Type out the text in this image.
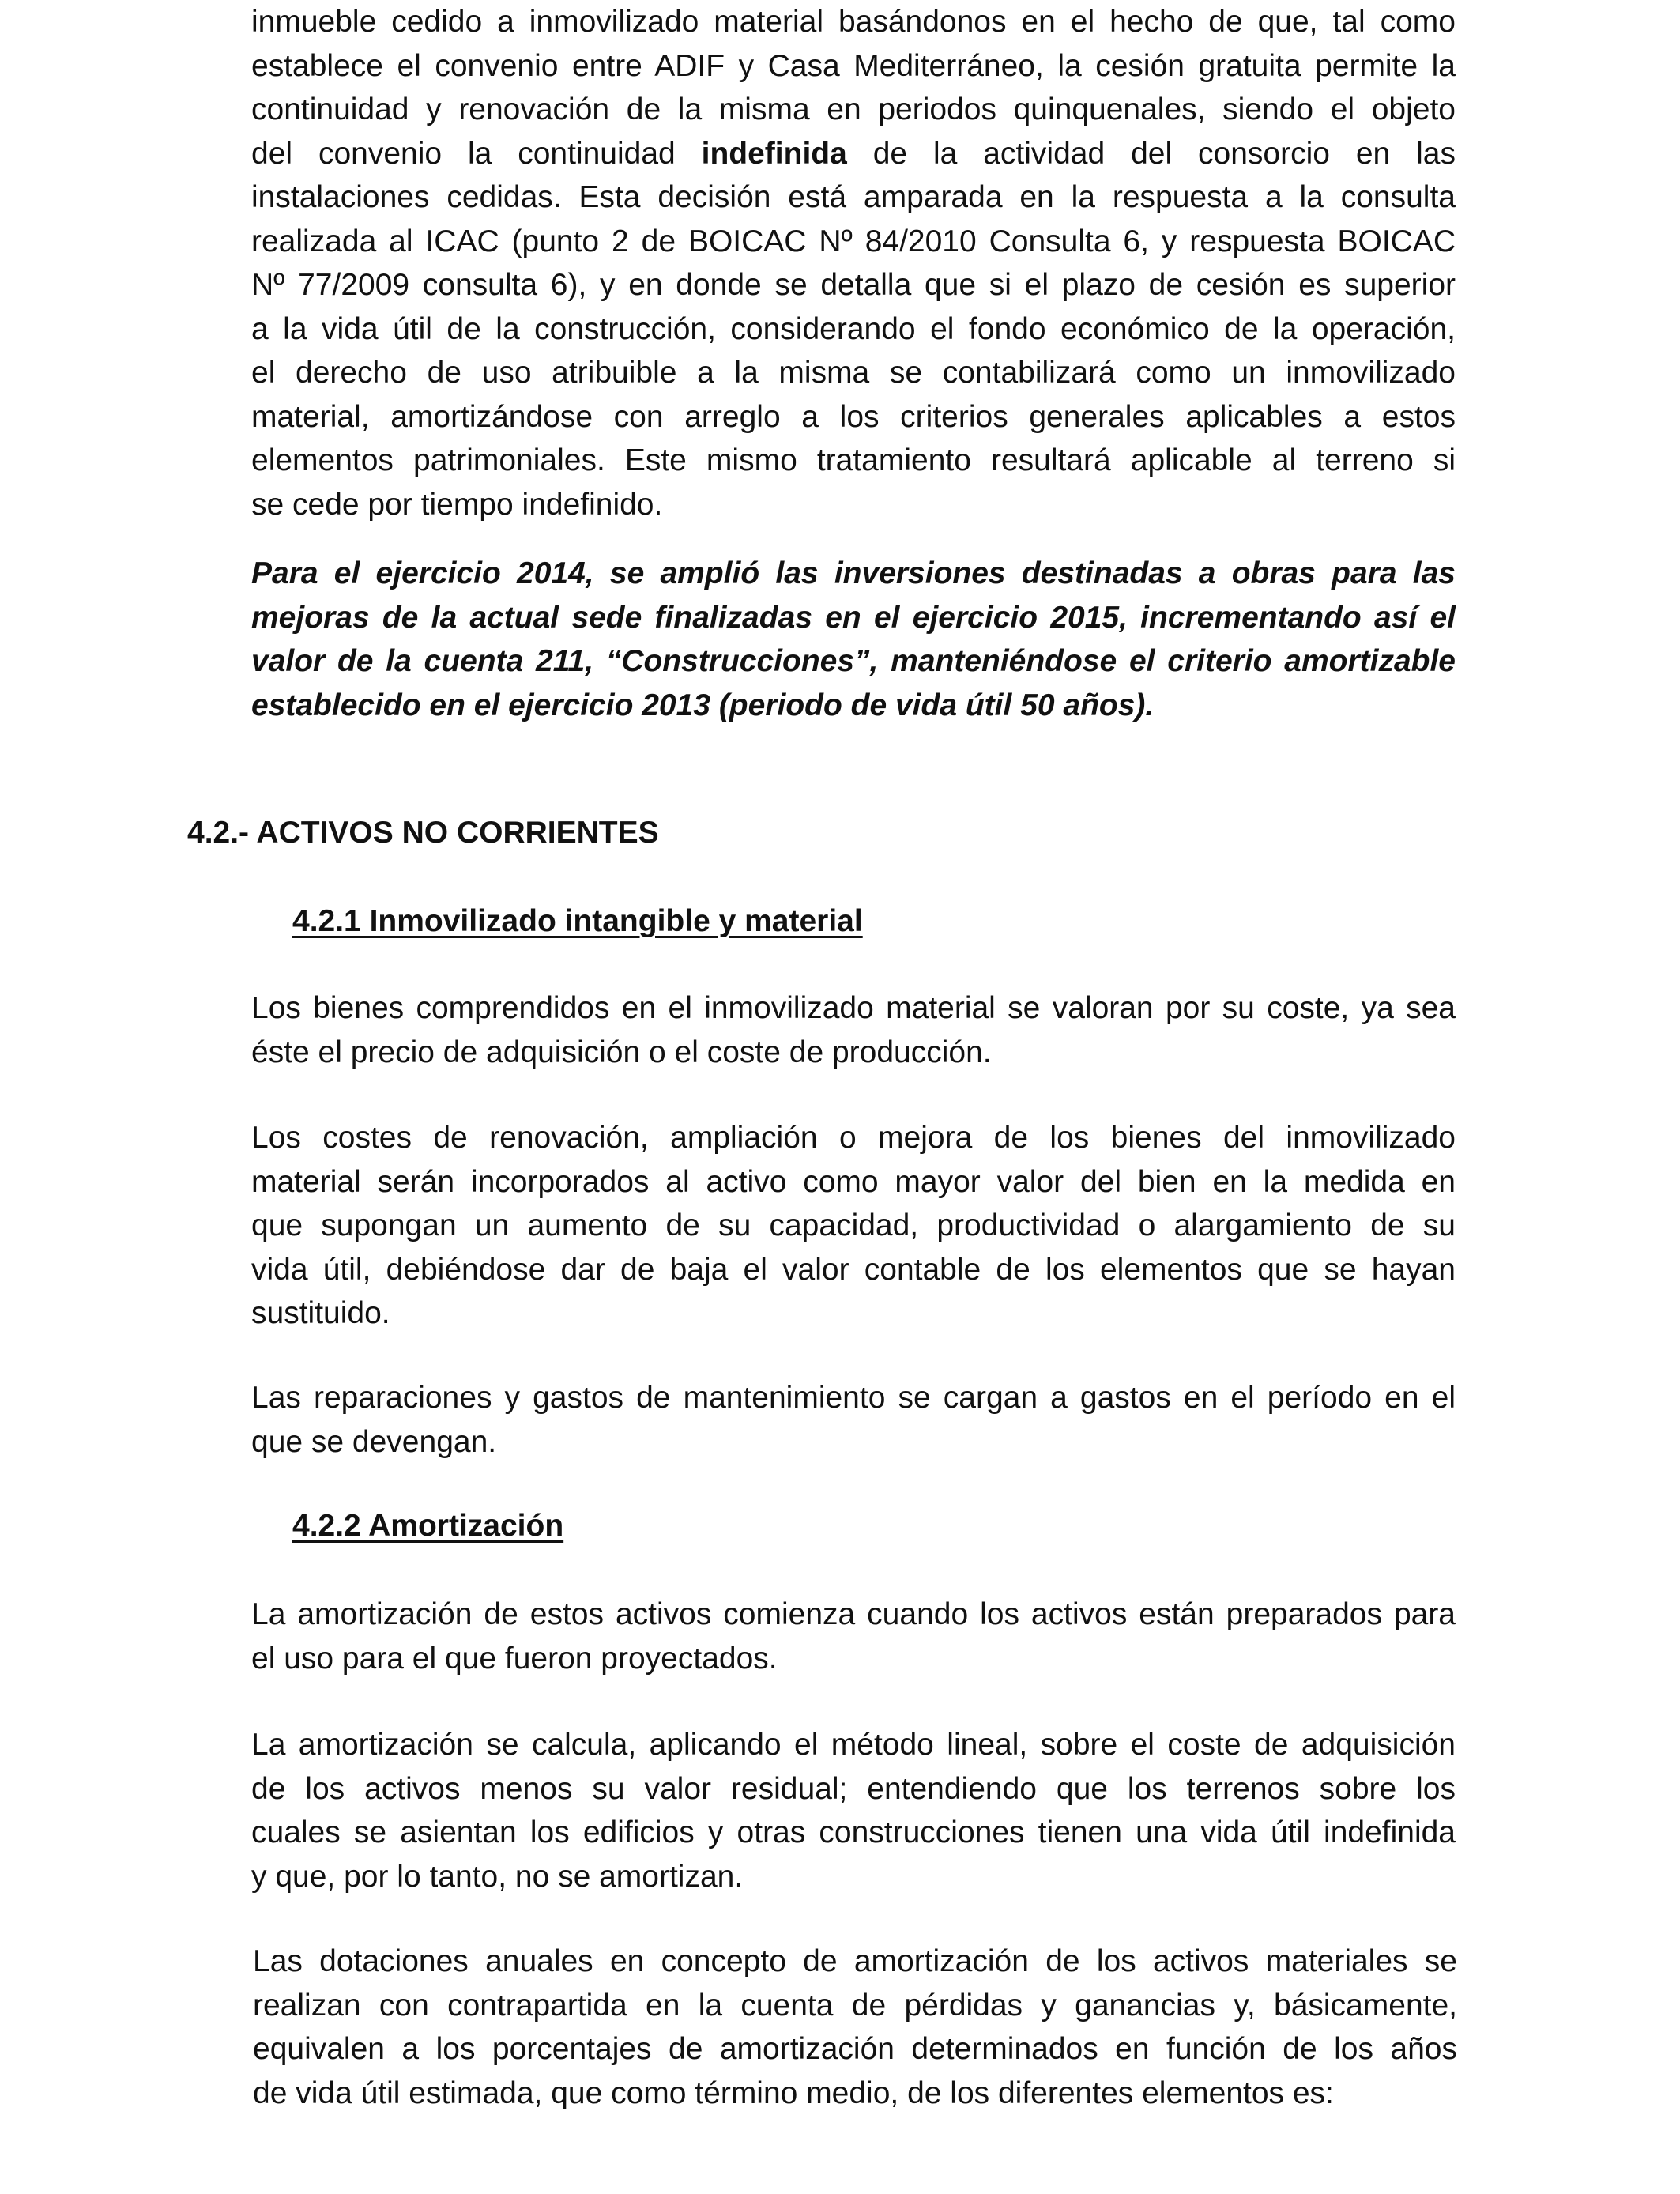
inmueble cedido a inmovilizado material basándonos en el hecho de que, tal como
establece el convenio entre ADIF y Casa Mediterráneo, la cesión gratuita permite la
continuidad y renovación de la misma en periodos quinquenales, siendo el objeto
del convenio la continuidad indefinida de la actividad del consorcio en las
instalaciones cedidas. Esta decisión está amparada en la respuesta a la consulta
realizada al ICAC (punto 2 de BOICAC Nº 84/2010 Consulta 6, y respuesta BOICAC
Nº 77/2009 consulta 6), y en donde se detalla que si el plazo de cesión es superior
a la vida útil de la construcción, considerando el fondo económico de la operación,
el derecho de uso atribuible a la misma se contabilizará como un inmovilizado
material, amortizándose con arreglo a los criterios generales aplicables a estos
elementos patrimoniales. Este mismo tratamiento resultará aplicable al terreno si
se cede por tiempo indefinido.
Para el ejercicio 2014, se amplió las inversiones destinadas a obras para las
mejoras de la actual sede finalizadas en el ejercicio 2015, incrementando así el
valor de la cuenta 211, “Construcciones”, manteniéndose el criterio amortizable
establecido en el ejercicio 2013 (periodo de vida útil 50 años).
4.2.- ACTIVOS NO CORRIENTES
4.2.1 Inmovilizado intangible y material
Los bienes comprendidos en el inmovilizado material se valoran por su coste, ya sea
éste el precio de adquisición o el coste de producción.
Los costes de renovación, ampliación o mejora de los bienes del inmovilizado
material serán incorporados al activo como mayor valor del bien en la medida en
que supongan un aumento de su capacidad, productividad o alargamiento de su
vida útil, debiéndose dar de baja el valor contable de los elementos que se hayan
sustituido.
Las reparaciones y gastos de mantenimiento se cargan a gastos en el período en el
que se devengan.
4.2.2 Amortización
La amortización de estos activos comienza cuando los activos están preparados para
el uso para el que fueron proyectados.
La amortización se calcula, aplicando el método lineal, sobre el coste de adquisición
de los activos menos su valor residual; entendiendo que los terrenos sobre los
cuales se asientan los edificios y otras construcciones tienen una vida útil indefinida
y que, por lo tanto, no se amortizan.
Las dotaciones anuales en concepto de amortización de los activos materiales se
realizan con contrapartida en la cuenta de pérdidas y ganancias y, básicamente,
equivalen a los porcentajes de amortización determinados en función de los años
de vida útil estimada, que como término medio, de los diferentes elementos es:
